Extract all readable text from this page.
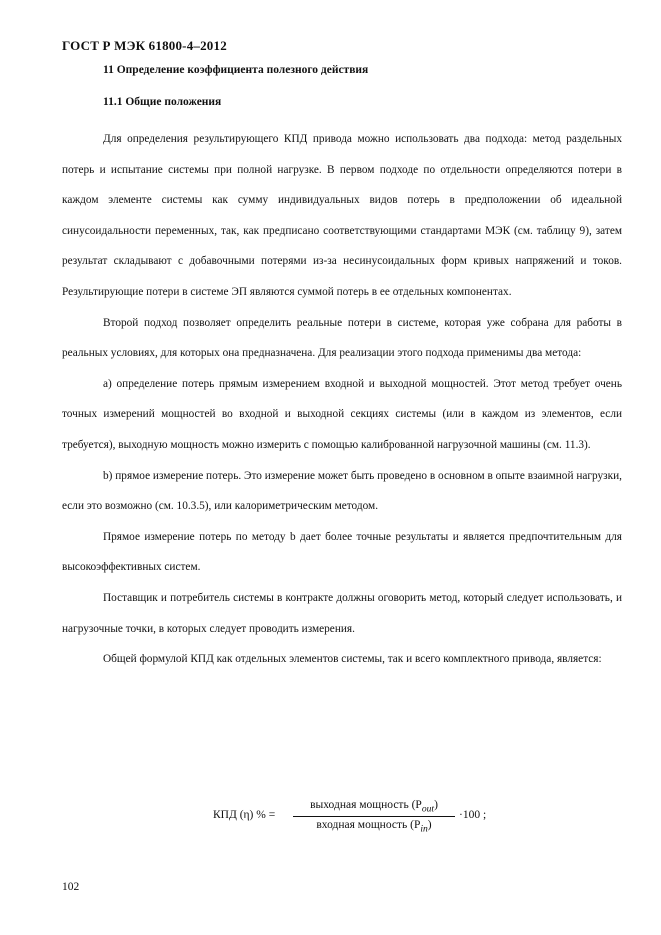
ГОСТ Р МЭК 61800-4–2012
11 Определение коэффициента полезного действия
11.1 Общие положения

Для определения результирующего КПД привода можно использовать два подхода: метод раздельных потерь и испытание системы при полной нагрузке. В первом подходе по отдельности определяются потери в каждом элементе системы как сумму индивидуальных видов потерь в предположении об идеальной синусоидальности переменных, так, как предписано соответствующими стандартами МЭК (см. таблицу 9), затем результат складывают с добавочными потерями из-за несинусоидальных форм кривых напряжений и токов. Результирующие потери в системе ЭП являются суммой потерь в ее отдельных компонентах.

Второй подход позволяет определить реальные потери в системе, которая уже собрана для работы в реальных условиях, для которых она предназначена. Для реализации этого подхода применимы два метода:

a) определение потерь прямым измерением входной и выходной мощностей. Этот метод требует очень точных измерений мощностей во входной и выходной секциях системы (или в каждом из элементов, если требуется), выходную мощность можно измерить с помощью калиброванной нагрузочной машины (см. 11.3).

b) прямое измерение потерь. Это измерение может быть проведено в основном в опыте взаимной нагрузки, если это возможно (см. 10.3.5), или калориметрическим методом.

Прямое измерение потерь по методу b дает более точные результаты и является предпочтительным для высокоэффективных систем.

Поставщик и потребитель системы в контракте должны оговорить метод, который следует использовать, и нагрузочные точки, в которых следует проводить измерения.

Общей формулой КПД как отдельных элементов системы, так и всего комплектного привода, является:

КПД (η) % =
выходная мощность $(P_{out})$
входная мощность $(P_{in})$
·100 ;
102
